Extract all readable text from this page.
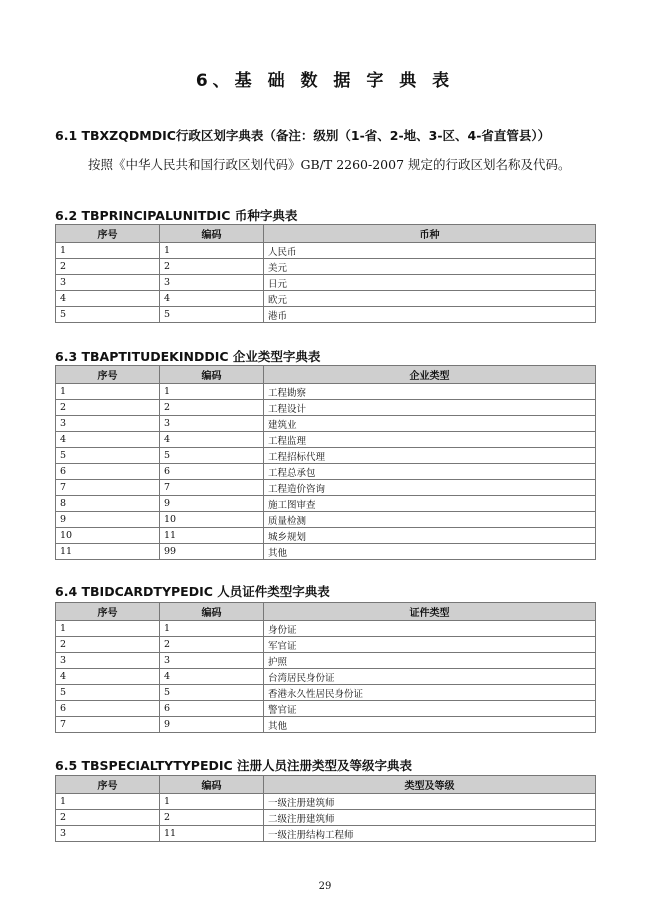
6、基 础 数 据 字 典 表
6.1 TBXZQDMDIC行政区划字典表（备注：级别（1-省、2-地、3-区、4-省直管县））
按照《中华人民共和国行政区划代码》GB/T 2260-2007 规定的行政区划名称及代码。
6.2 TBPRINCIPALUNITDIC 币种字典表
序号	编码	币种
1	1	人民币
2	2	美元
3	3	日元
4	4	欧元
5	5	港币
6.3 TBAPTITUDEKINDDIC 企业类型字典表
序号	编码	企业类型
1	1	工程勘察
2	2	工程设计
3	3	建筑业
4	4	工程监理
5	5	工程招标代理
6	6	工程总承包
7	7	工程造价咨询
8	9	施工图审查
9	10	质量检测
10	11	城乡规划
11	99	其他
6.4 TBIDCARDTYPEDIC 人员证件类型字典表
序号	编码	证件类型
1	1	身份证
2	2	军官证
3	3	护照
4	4	台湾居民身份证
5	5	香港永久性居民身份证
6	6	警官证
7	9	其他
6.5 TBSPECIALTYTYPEDIC 注册人员注册类型及等级字典表
序号	编码	类型及等级
1	1	一级注册建筑师
2	2	二级注册建筑师
3	11	一级注册结构工程师
29
